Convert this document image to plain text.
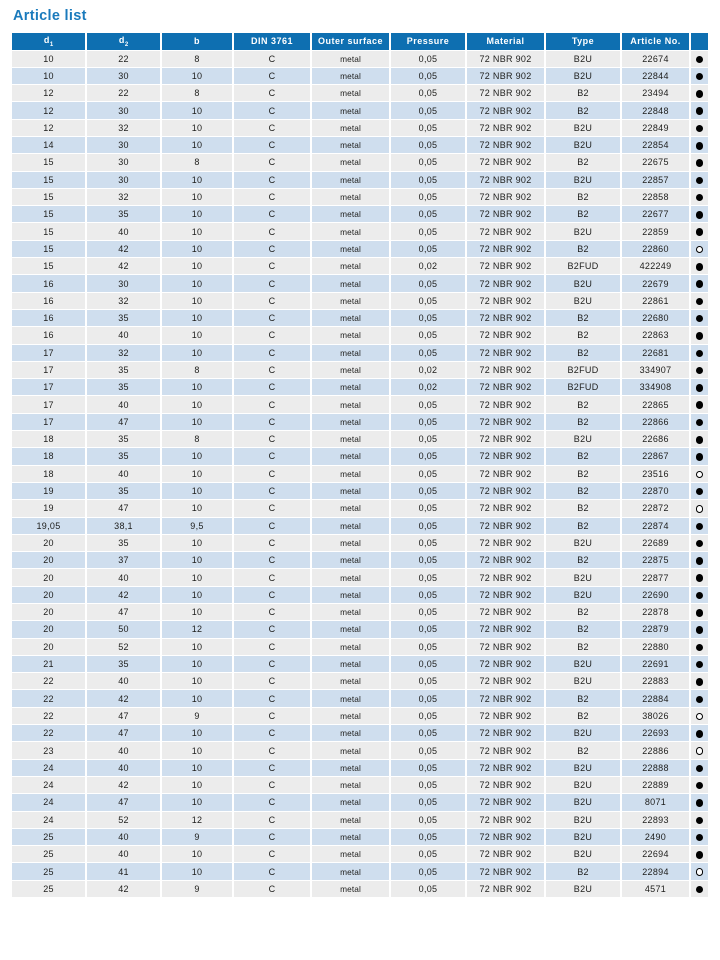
Article list
$d_1$	$d_2$	b	DIN 3761	Outer surface	Pressure	Material	Type	Article No.	
10	22	8	C	metal	0,05	72 NBR 902	B2U	22674	
10	30	10	C	metal	0,05	72 NBR 902	B2U	22844	
12	22	8	C	metal	0,05	72 NBR 902	B2	23494	
12	30	10	C	metal	0,05	72 NBR 902	B2	22848	
12	32	10	C	metal	0,05	72 NBR 902	B2U	22849	
14	30	10	C	metal	0,05	72 NBR 902	B2U	22854	
15	30	8	C	metal	0,05	72 NBR 902	B2	22675	
15	30	10	C	metal	0,05	72 NBR 902	B2U	22857	
15	32	10	C	metal	0,05	72 NBR 902	B2	22858	
15	35	10	C	metal	0,05	72 NBR 902	B2	22677	
15	40	10	C	metal	0,05	72 NBR 902	B2U	22859	
15	42	10	C	metal	0,05	72 NBR 902	B2	22860	
15	42	10	C	metal	0,02	72 NBR 902	B2FUD	422249	
16	30	10	C	metal	0,05	72 NBR 902	B2U	22679	
16	32	10	C	metal	0,05	72 NBR 902	B2U	22861	
16	35	10	C	metal	0,05	72 NBR 902	B2	22680	
16	40	10	C	metal	0,05	72 NBR 902	B2	22863	
17	32	10	C	metal	0,05	72 NBR 902	B2	22681	
17	35	8	C	metal	0,02	72 NBR 902	B2FUD	334907	
17	35	10	C	metal	0,02	72 NBR 902	B2FUD	334908	
17	40	10	C	metal	0,05	72 NBR 902	B2	22865	
17	47	10	C	metal	0,05	72 NBR 902	B2	22866	
18	35	8	C	metal	0,05	72 NBR 902	B2U	22686	
18	35	10	C	metal	0,05	72 NBR 902	B2	22867	
18	40	10	C	metal	0,05	72 NBR 902	B2	23516	
19	35	10	C	metal	0,05	72 NBR 902	B2	22870	
19	47	10	C	metal	0,05	72 NBR 902	B2	22872	
19,05	38,1	9,5	C	metal	0,05	72 NBR 902	B2	22874	
20	35	10	C	metal	0,05	72 NBR 902	B2U	22689	
20	37	10	C	metal	0,05	72 NBR 902	B2	22875	
20	40	10	C	metal	0,05	72 NBR 902	B2U	22877	
20	42	10	C	metal	0,05	72 NBR 902	B2U	22690	
20	47	10	C	metal	0,05	72 NBR 902	B2	22878	
20	50	12	C	metal	0,05	72 NBR 902	B2	22879	
20	52	10	C	metal	0,05	72 NBR 902	B2	22880	
21	35	10	C	metal	0,05	72 NBR 902	B2U	22691	
22	40	10	C	metal	0,05	72 NBR 902	B2U	22883	
22	42	10	C	metal	0,05	72 NBR 902	B2	22884	
22	47	9	C	metal	0,05	72 NBR 902	B2	38026	
22	47	10	C	metal	0,05	72 NBR 902	B2U	22693	
23	40	10	C	metal	0,05	72 NBR 902	B2	22886	
24	40	10	C	metal	0,05	72 NBR 902	B2U	22888	
24	42	10	C	metal	0,05	72 NBR 902	B2U	22889	
24	47	10	C	metal	0,05	72 NBR 902	B2U	8071	
24	52	12	C	metal	0,05	72 NBR 902	B2U	22893	
25	40	9	C	metal	0,05	72 NBR 902	B2U	2490	
25	40	10	C	metal	0,05	72 NBR 902	B2U	22694	
25	41	10	C	metal	0,05	72 NBR 902	B2	22894	
25	42	9	C	metal	0,05	72 NBR 902	B2U	4571	
